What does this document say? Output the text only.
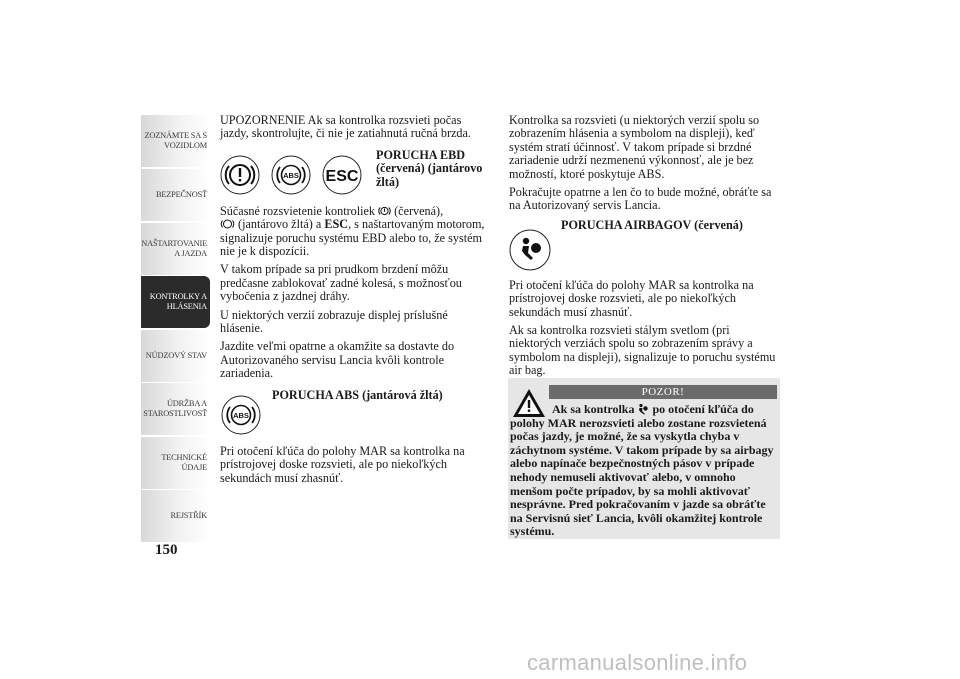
ZOZNÁMTE SA S
VOZIDLOM
BEZPEČNOSŤ
NAŠTARTOVANIE
A JAZDA
KONTROLKY A
HLÁSENIA
NÚDZOVÝ STAV
ÚDRŽBA A
STAROSTLIVOSŤ
TECHNICKÉ
ÚDAJE
REJSTŘÍK
150

UPOZORNENIE Ak sa kontrolka rozsvieti počas jazdy, skontrolujte, či nie je zatiahnutá ručná brzda.

ABS ESC
PORUCHA EBD (červená) (jantárovo žltá)

Súčasné rozsvietenie kontroliek (červená),
(jantárovo žltá) a ESC, s naštartovaným motorom, signalizuje poruchu systému EBD alebo to, že systém nie je k dispozícii.

V takom prípade sa pri prudkom brzdení môžu predčasne zablokovať zadné kolesá, s možnosťou vybočenia z jazdnej dráhy.

U niektorých verzií zobrazuje displej príslušné hlásenie.

Jazdite veľmi opatrne a okamžite sa dostavte do Autorizovaného servisu Lancia kvôli kontrole zariadenia.

ABS
PORUCHA ABS (jantárová žltá)

Pri otočení kľúča do polohy MAR sa kontrolka na prístrojovej doske rozsvieti, ale po niekoľkých sekundách musí zhasnúť.

Kontrolka sa rozsvieti (u niektorých verzií spolu so zobrazením hlásenia a symbolom na displeji), keď systém stratí účinnosť. V takom prípade si brzdné zariadenie udrží nezmenenú výkonnosť, ale je bez možností, ktoré poskytuje ABS.

Pokračujte opatrne a len čo to bude možné, obráťte sa na Autorizovaný servis Lancia.

PORUCHA AIRBAGOV (červená)

Pri otočení kľúča do polohy MAR sa kontrolka na prístrojovej doske rozsvieti, ale po niekoľkých sekundách musí zhasnúť.

Ak sa kontrolka rozsvieti stálym svetlom (pri niektorých verziách spolu so zobrazením správy a symbolom na displeji), signalizuje to poruchu systému air bag.

POZOR!
Ak sa kontrolka po otočení kľúča do polohy MAR nerozsvieti alebo zostane rozsvietená počas jazdy, je možné, že sa vyskytla chyba v záchytnom systéme. V takom prípade by sa airbagy alebo napínače bezpečnostných pásov v prípade nehody nemuseli aktivovať alebo, v omnoho menšom počte prípadov, by sa mohli aktivovať nesprávne. Pred pokračovaním v jazde sa obráťte na Servisnú sieť Lancia, kvôli okamžitej kontrole systému.
carmanualsonline.info
